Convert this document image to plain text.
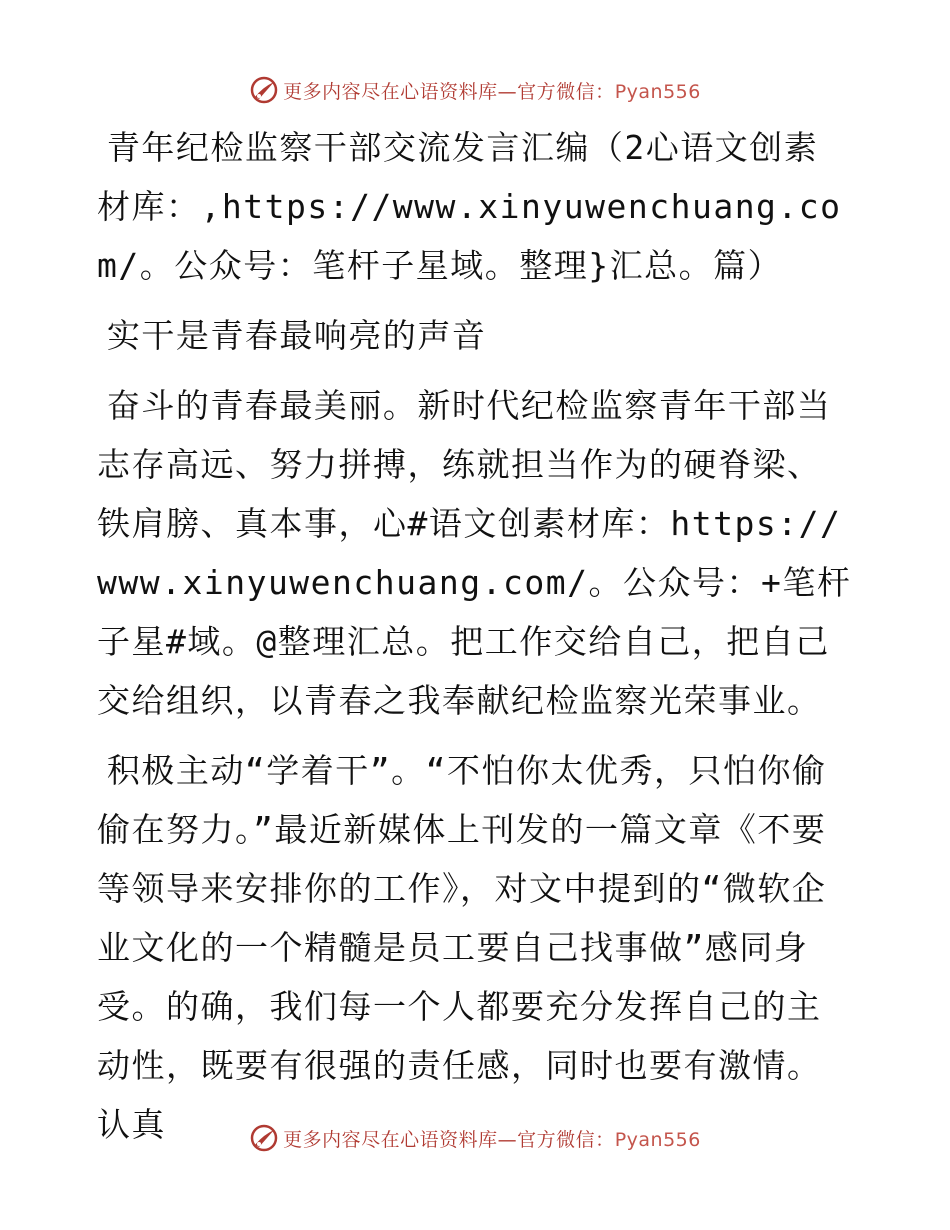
更多内容尽在心语资料库—官方微信：Pyan556

青年纪检监察干部交流发言汇编（2心语文创素材库：,https://www.xinyuwenchuang.com/。公众号：笔杆子星域。整理}汇总。篇）

实干是青春最响亮的声音

奋斗的青春最美丽。新时代纪检监察青年干部当志存高远、努力拼搏，练就担当作为的硬脊梁、铁肩膀、真本事，心#语文创素材库：https://www.xinyuwenchuang.com/。公众号：+笔杆子星#域。@整理汇总。把工作交给自己，把自己交给组织，以青春之我奉献纪检监察光荣事业。

积极主动“学着干”。“不怕你太优秀，只怕你偷偷在努力。”最近新媒体上刊发的一篇文章《不要等领导来安排你的工作》，对文中提到的“微软企业文化的一个精髓是员工要自己找事做”感同身受。的确，我们每一个人都要充分发挥自己的主动性，既要有很强的责任感，同时也要有激情。认真	更多内容尽在心语资料库—官方微信：Pyan556
